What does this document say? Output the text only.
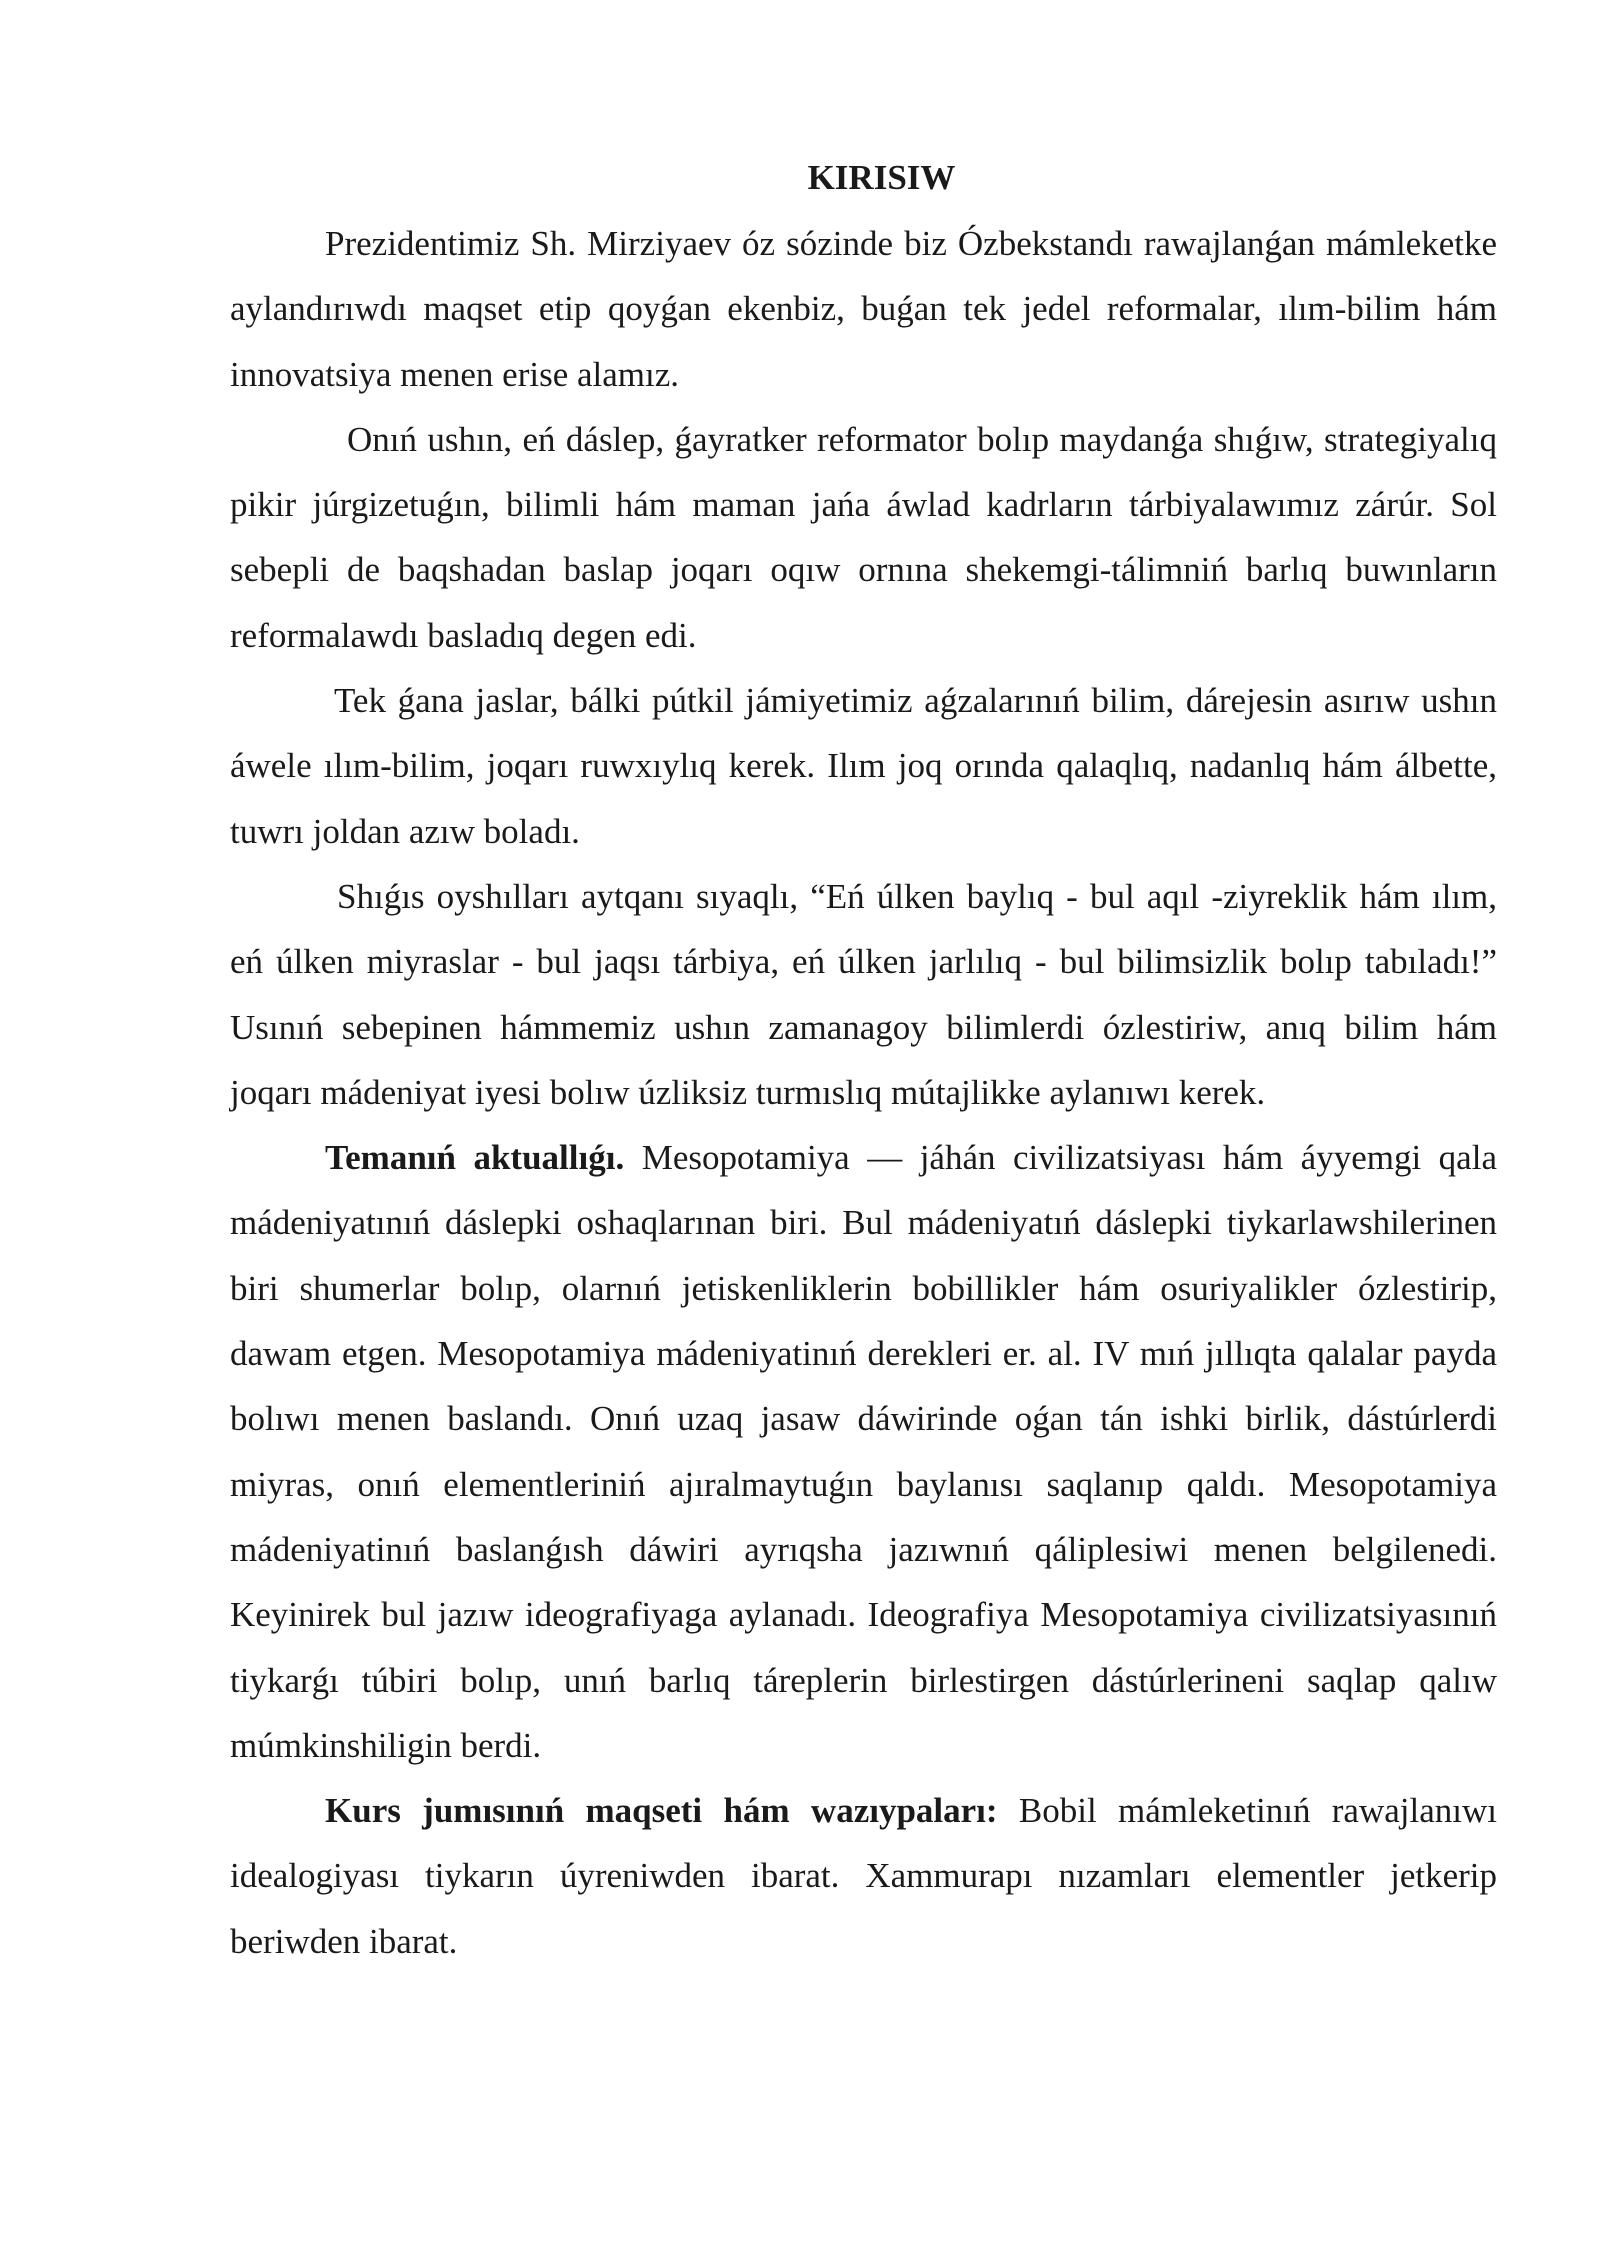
KIRISIW

Prezidentimiz Sh. Mirziyaev óz sózinde biz Ózbekstandı rawajlanǵan mámleketke aylandırıwdı maqset etip qoyǵan ekenbiz, buǵan tek jedel reformalar, ılım-bilim hám innovatsiya menen erise alamız.

Onıń ushın, eń dáslep, ǵayratker reformator bolıp maydanǵa shıǵıw, strategiyalıq pikir júrgizetuǵın, bilimli hám maman jańa áwlad kadrların tárbiyalawımız zárúr. Sol sebepli de baqshadan baslap joqarı oqıw ornına shekemgi-tálimniń barlıq buwınların reformalawdı basladıq degen edi.

Tek ǵana jaslar, bálki pútkil jámiyetimiz aǵzalarınıń bilim, dárejesin asırıw ushın áwele ılım-bilim, joqarı ruwxıylıq kerek. Ilım joq orında qalaqlıq, nadanlıq hám álbette, tuwrı joldan azıw boladı.

Shıǵıs oyshılları aytqanı sıyaqlı, “Eń úlken baylıq - bul aqıl -ziyreklik hám ılım, eń úlken miyraslar - bul jaqsı tárbiya, eń úlken jarlılıq - bul bilimsizlik bolıp tabıladı!” Usınıń sebepinen hámmemiz ushın zamanagoy bilimlerdi ózlestiriw, anıq bilim hám joqarı mádeniyat iyesi bolıw úzliksiz turmıslıq mútajlikke aylanıwı kerek.

Temanıń aktuallıǵı. Mesopotamiya — jáhán civilizatsiyası hám áyyemgi qala mádeniyatınıń dáslepki oshaqlarınan biri. Bul mádeniyatıń dáslepki tiykarlawshilerinen biri shumerlar bolıp, olarnıń jetiskenliklerin bobillikler hám osuriyalikler ózlestirip, dawam etgen. Mesopotamiya mádeniyatinıń derekleri er. al. IV mıń jıllıqta qalalar payda bolıwı menen baslandı. Onıń uzaq jasaw dáwirinde oǵan tán ishki birlik, dástúrlerdi miyras, onıń elementleriniń ajıralmaytuǵın baylanısı saqlanıp qaldı. Mesopotamiya mádeniyatinıń baslanǵısh dáwiri ayrıqsha jazıwnıń qáliplesiwi menen belgilenedi. Keyinirek bul jazıw ideografiyaga aylanadı. Ideografiya Mesopotamiya civilizatsiyasınıń tiykarǵı túbiri bolıp, unıń barlıq táreplerin birlestirgen dástúrlerineni saqlap qalıw múmkinshiligin berdi.

Kurs jumısınıń maqseti hám wazıypaları: Bobil mámleketinıń rawajlanıwı idealogiyası tiykarın úyreniwden ibarat. Xammurapı nızamları elementler jetkerip beriwden ibarat.
